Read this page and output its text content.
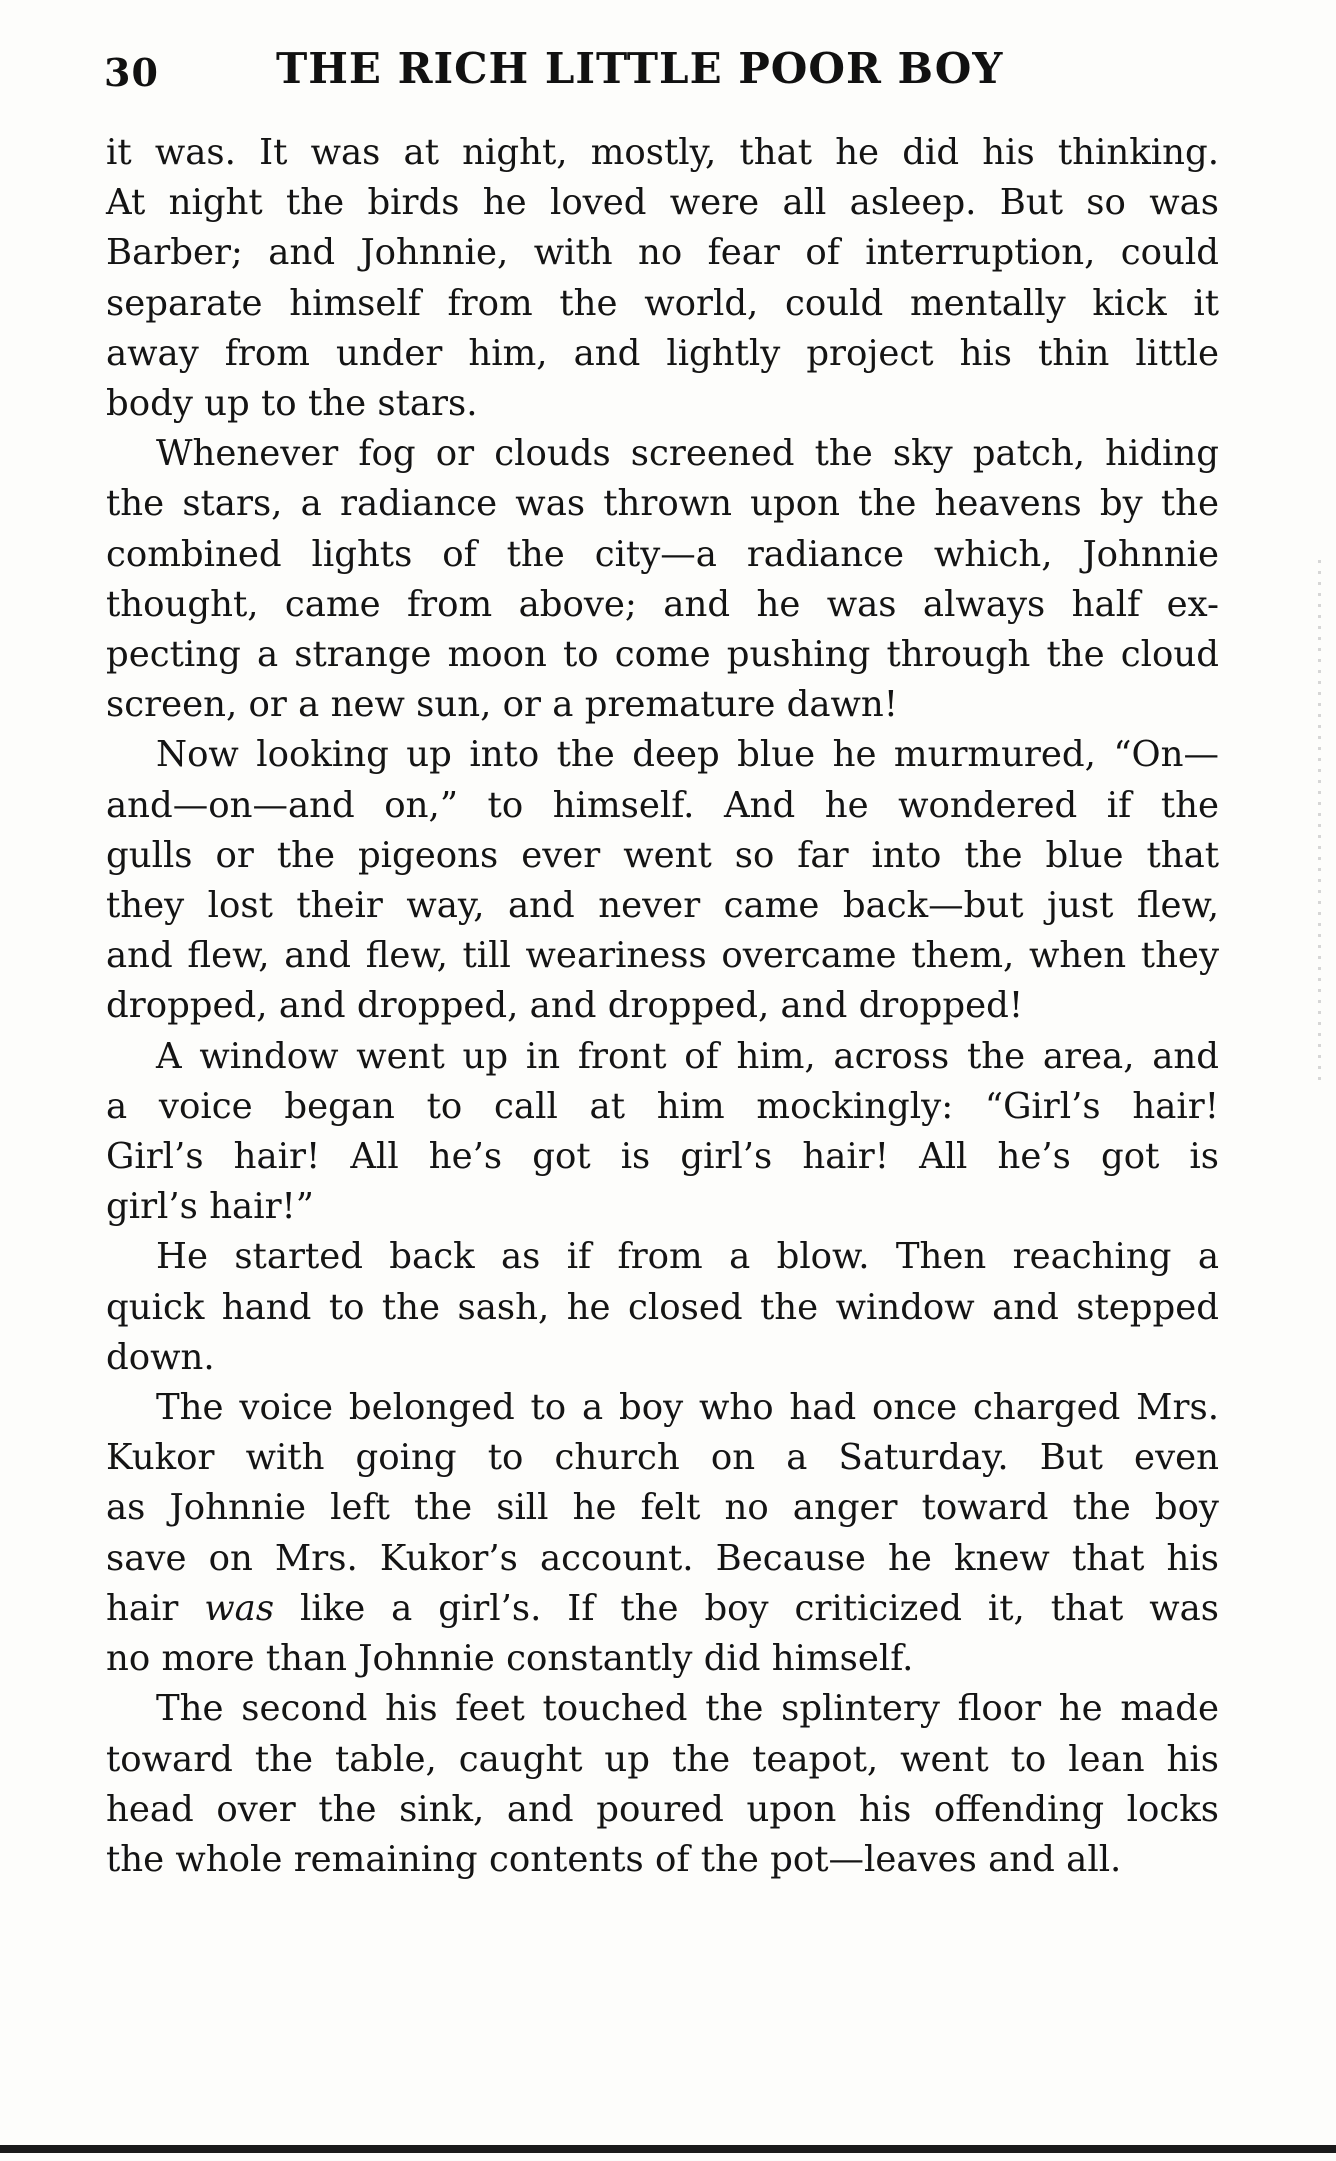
30	THE RICH LITTLE POOR BOY

it was. It was at night, mostly, that he did his thinking.
At night the birds he loved were all asleep. But so was
Barber; and Johnnie, with no fear of interruption, could
separate himself from the world, could mentally kick it
away from under him, and lightly project his thin little
body up to the stars.

Whenever fog or clouds screened the sky patch, hiding
the stars, a radiance was thrown upon the heavens by the
combined lights of the city—a radiance which, Johnnie
thought, came from above; and he was always half ex-
pecting a strange moon to come pushing through the cloud
screen, or a new sun, or a premature dawn!

Now looking up into the deep blue he murmured, “On—
and—on—and on,” to himself. And he wondered if the
gulls or the pigeons ever went so far into the blue that
they lost their way, and never came back—but just flew,
and flew, and flew, till weariness overcame them, when they
dropped, and dropped, and dropped, and dropped!

A window went up in front of him, across the area, and
a voice began to call at him mockingly: “Girl’s hair!
Girl’s hair! All he’s got is girl’s hair! All he’s got is
girl’s hair!”

He started back as if from a blow. Then reaching a
quick hand to the sash, he closed the window and stepped
down.

The voice belonged to a boy who had once charged Mrs.
Kukor with going to church on a Saturday. But even
as Johnnie left the sill he felt no anger toward the boy
save on Mrs. Kukor’s account. Because he knew that his
hair was like a girl’s. If the boy criticized it, that was
no more than Johnnie constantly did himself.

The second his feet touched the splintery floor he made
toward the table, caught up the teapot, went to lean his
head over the sink, and poured upon his offending locks
the whole remaining contents of the pot—leaves and all.
